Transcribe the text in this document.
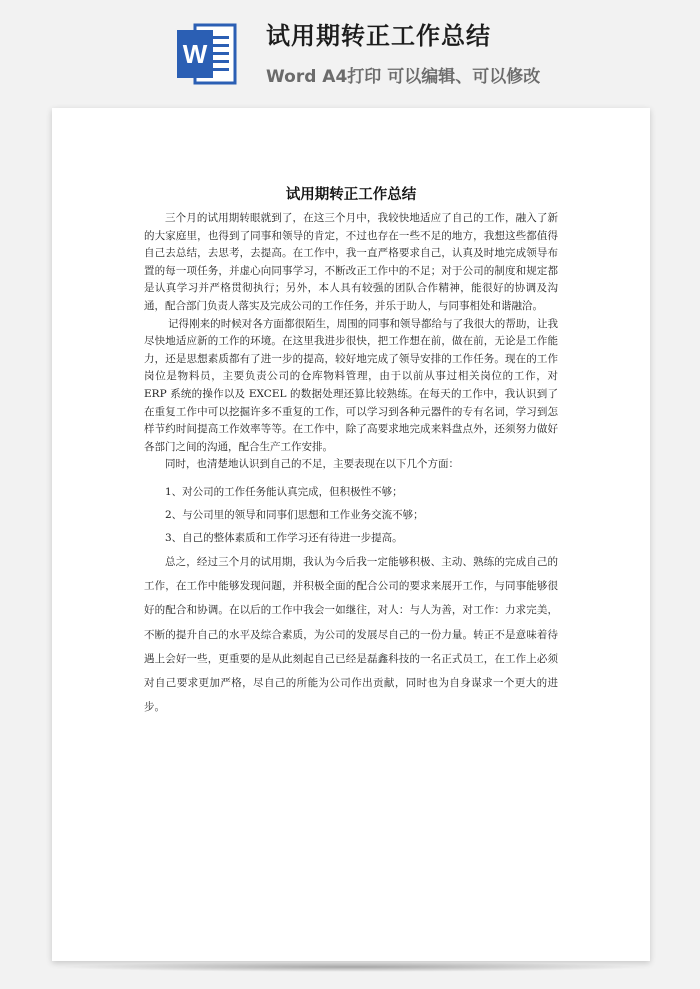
W
试用期转正工作总结
Word A4打印 可以编辑、可以修改
试用期转正工作总结

三个月的试用期转眼就到了，在这三个月中，我较快地适应了自己的工作，融入了新的大家庭里，也得到了同事和领导的肯定，不过也存在一些不足的地方，我想这些都值得自己去总结，去思考，去提高。在工作中，我一直严格要求自己，认真及时地完成领导布置的每一项任务，并虚心向同事学习，不断改正工作中的不足；对于公司的制度和规定都是认真学习并严格贯彻执行；另外，本人具有较强的团队合作精神，能很好的协调及沟通，配合部门负责人落实及完成公司的工作任务，并乐于助人，与同事相处和谐融洽。

记得刚来的时候对各方面都很陌生，周围的同事和领导都给与了我很大的帮助，让我尽快地适应新的工作的环境。在这里我进步很快，把工作想在前，做在前，无论是工作能力，还是思想素质都有了进一步的提高，较好地完成了领导安排的工作任务。现在的工作岗位是物料员，主要负责公司的仓库物料管理，由于以前从事过相关岗位的工作，对 ERP 系统的操作以及 EXCEL 的数据处理还算比较熟练。在每天的工作中，我认识到了在重复工作中可以挖掘许多不重复的工作，可以学习到各种元器件的专有名词，学习到怎样节约时间提高工作效率等等。在工作中，除了高要求地完成来料盘点外，还须努力做好各部门之间的沟通，配合生产工作安排。

同时，也清楚地认识到自己的不足，主要表现在以下几个方面：

1、对公司的工作任务能认真完成，但积极性不够；

2、与公司里的领导和同事们思想和工作业务交流不够；

3、自己的整体素质和工作学习还有待进一步提高。

总之，经过三个月的试用期，我认为今后我一定能够积极、主动、熟练的完成自己的工作，在工作中能够发现问题，并积极全面的配合公司的要求来展开工作，与同事能够很好的配合和协调。在以后的工作中我会一如继往，对人：与人为善，对工作：力求完美，不断的提升自己的水平及综合素质，为公司的发展尽自己的一份力量。转正不是意味着待遇上会好一些，更重要的是从此刻起自己已经是磊鑫科技的一名正式员工，在工作上必须对自己要求更加严格，尽自己的所能为公司作出贡献，同时也为自身谋求一个更大的进步。
